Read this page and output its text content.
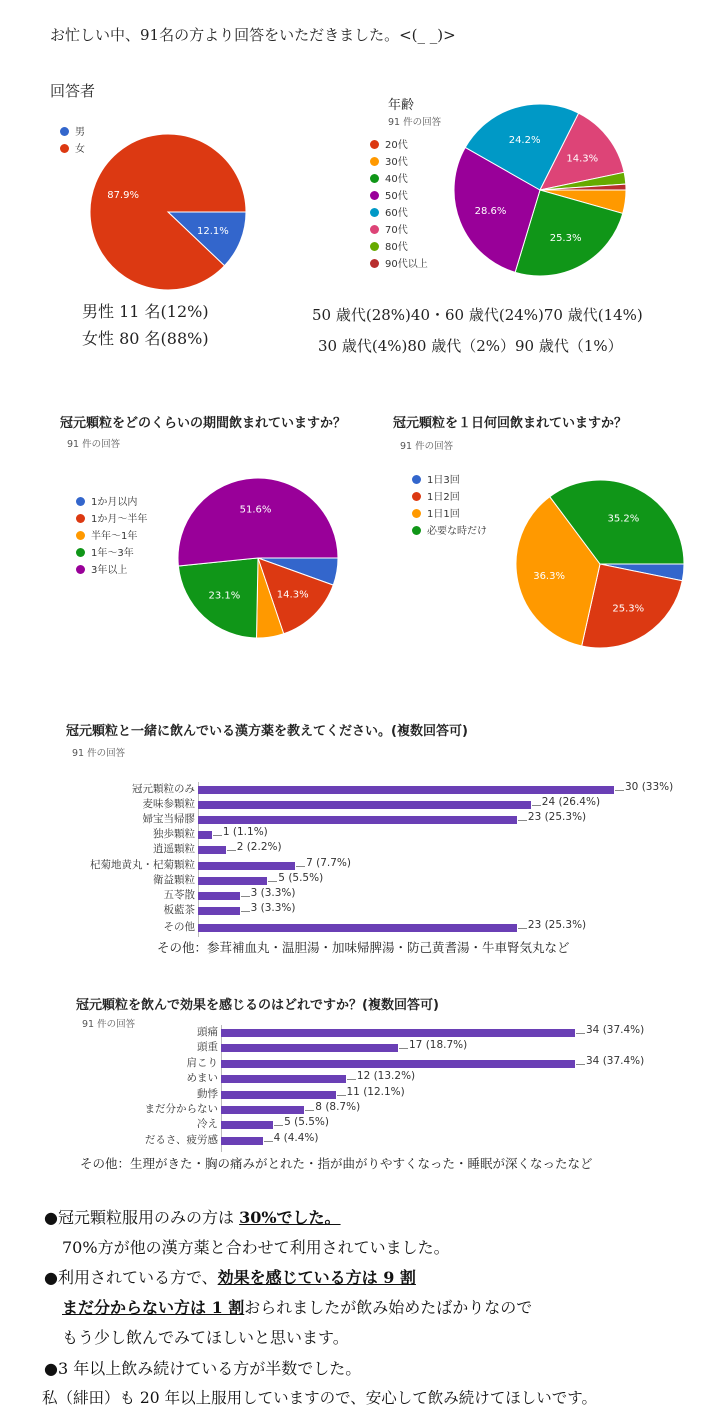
お忙しい中、91名の方より回答をいただきました。<(_ _)>
回答者
男
女
12.1%
87.9%
男性 11 名(12%)
女性 80 名(88%)
年齢
91 件の回答
20代
30代
40代
50代
60代
70代
80代
90代以上
25.3%
28.6%
24.2%
14.3%
50 歳代(28%)40・60 歳代(24%)70 歳代(14%)
30 歳代(4%)80 歳代（2%）90 歳代（1%）
冠元顆粒をどのくらいの期間飲まれていますか？
91 件の回答
1か月以内
1か月～半年
半年～1年
1年～3年
3年以上
14.3%
23.1%
51.6%
冠元顆粒を１日何回飲まれていますか？
91 件の回答
1日3回
1日2回
1日1回
必要な時だけ
25.3%
36.3%
35.2%
冠元顆粒と一緒に飲んでいる漢方薬を教えてください。(複数回答可)
91 件の回答
冠元顆粒のみ	30 (33%)
麦味参顆粒	24 (26.4%)
婦宝当帰膠	23 (25.3%)
独歩顆粒	1 (1.1%)
逍遥顆粒	2 (2.2%)
杞菊地黄丸・杞菊顆粒	7 (7.7%)
衛益顆粒	5 (5.5%)
五苓散	3 (3.3%)
板藍茶	3 (3.3%)
その他	23 (25.3%)
その他：参茸補血丸・温胆湯・加味帰脾湯・防己黄耆湯・牛車腎気丸など
冠元顆粒を飲んで効果を感じるのはどれですか？(複数回答可)
91 件の回答
頭痛	34 (37.4%)
頭重	17 (18.7%)
肩こり	34 (37.4%)
めまい	12 (13.2%)
動悸	11 (12.1%)
まだ分からない	8 (8.7%)
冷え	5 (5.5%)
だるさ、疲労感	4 (4.4%)
その他：生理がきた・胸の痛みがとれた・指が曲がりやすくなった・睡眠が深くなったなど
●冠元顆粒服用のみの方は 30%でした。
70%方が他の漢方薬と合わせて利用されていました。
●利用されている方で、効果を感じている方は 9 割
まだ分からない方は 1 割おられましたが飲み始めたばかりなので
もう少し飲んでみてほしいと思います。
●3 年以上飲み続けている方が半数でした。
私（緋田）も 20 年以上服用していますので、安心して飲み続けてほしいです。
